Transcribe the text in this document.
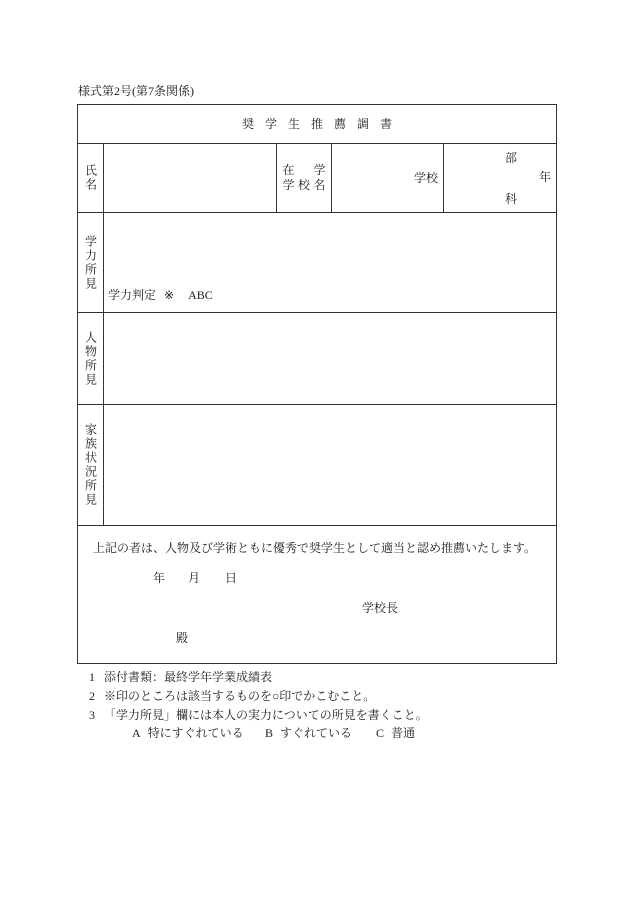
様式第2号(第7条関係)
奨学生推薦調書
氏名	在学
学校名	学校
部
年
科
学力所見
学力判定 ※ ABC
人物所見
家族状況所見
上記の者は、人物及び学術ともに優秀で奨学生として適当と認め推薦いたします。
年 月 日
学校長
殿
1 添付書類：最終学年学業成績表
2 ※印のところは該当するものを○印でかこむこと。
3 「学力所見」欄には本人の実力についての所見を書くこと。
A 特にすぐれている B すぐれている C 普通
